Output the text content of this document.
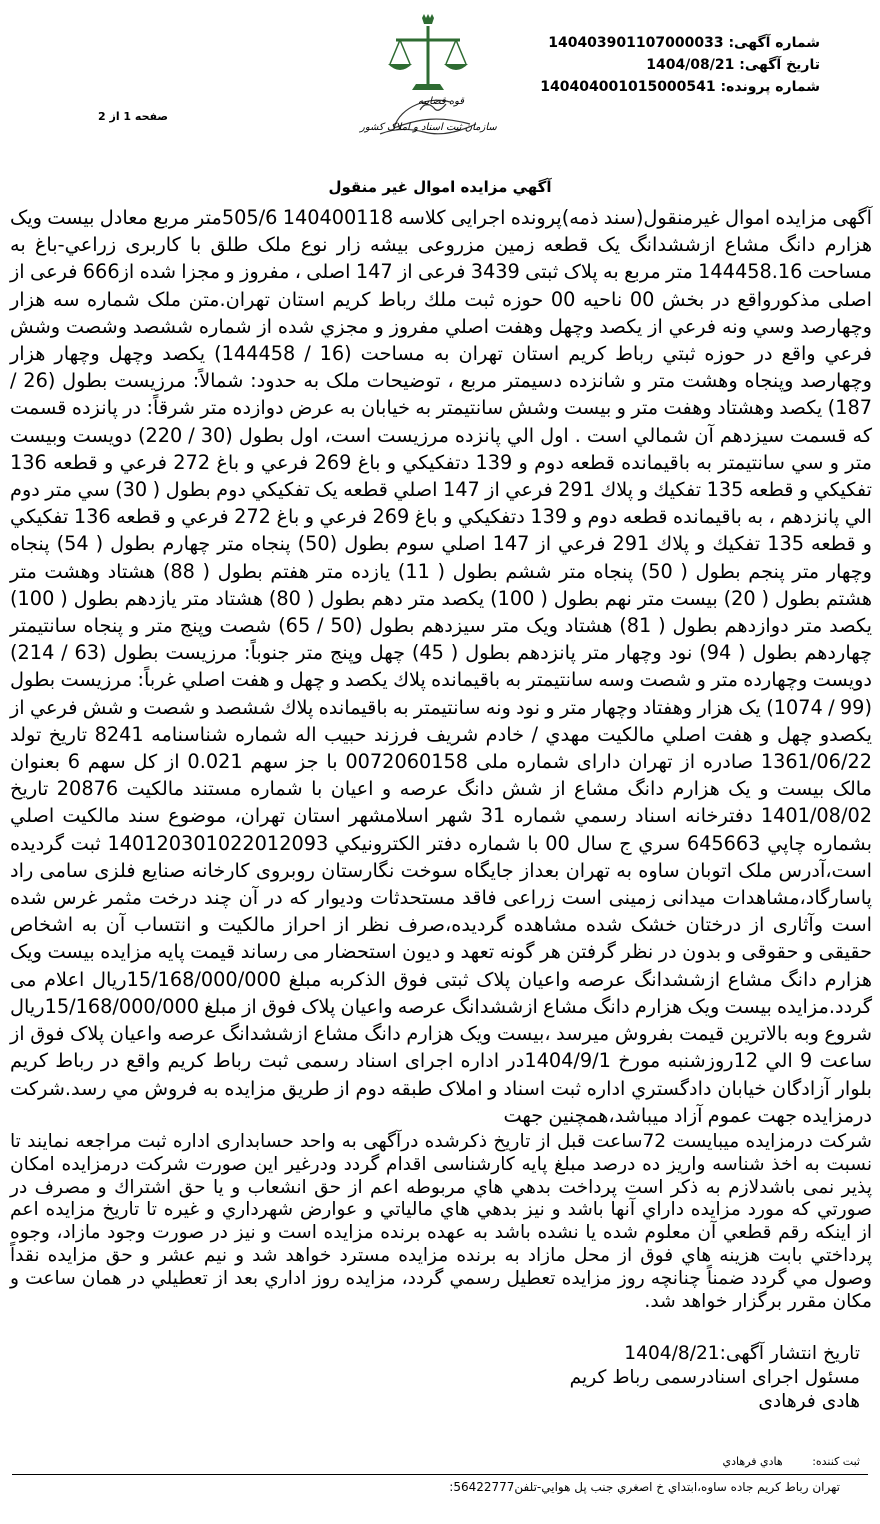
شماره آگهی: 140403901107000033
تاریخ آگهی: 1404/08/21
شماره پرونده: 140404001015000541
قوه قضاییه
سازمان ثبت اسناد و املاک کشور
صفحه 1 از 2
آگهي مزايده اموال غير منقول
آگهی مزایده اموال غیرمنقول(سند ذمه)پرونده اجرایی کلاسه 140400118 505/6متر مربع معادل بیست ویک هزارم دانگ مشاع ازششدانگ یک قطعه زمین مزروعی بیشه زار نوع ملک طلق با کاربری زراعي-باغ به مساحت 144458.16 متر مربع به پلاک ثبتی 3439 فرعی از 147 اصلی ، مفروز و مجزا شده از666 فرعی از اصلی مذکورواقع در بخش 00 ناحیه 00 حوزه ثبت ملك رباط كريم استان تهران.متن ملک شماره سه هزار وچهارصد وسي ونه فرعي از يكصد وچهل وهفت اصلي مفروز و مجزي شده از شماره ششصد وشصت وشش فرعي واقع در حوزه ثبتي رباط كريم استان تهران به مساحت (16 / 144458) يكصد وچهل وچهار هزار وچهارصد وپنجاه وهشت متر و شانزده دسيمتر مربع ، توضیحات ملک به حدود: شمالاً: مرزيست بطول (26 / 187) يكصد وهشتاد وهفت متر و بيست وشش سانتيمتر به خيابان به عرض دوازده متر شرقاً: در پانزده قسمت كه قسمت سيزدهم آن شمالي است . اول الي پانزده مرزيست است، اول بطول (30 / 220) دويست وبيست متر و سي سانتيمتر به باقيمانده قطعه دوم و 139 دتفكيكي و باغ 269 فرعي و باغ 272 فرعي و قطعه 136 تفكيكي و قطعه 135 تفكيك و پلاك 291 فرعي از 147 اصلي قطعه يک تفكيكي دوم بطول ( 30) سي متر دوم الي پانزدهم ، به باقيمانده قطعه دوم و 139 دتفكيكي و باغ 269 فرعي و باغ 272 فرعي و قطعه 136 تفكيكي و قطعه 135 تفكيك و پلاك 291 فرعي از 147 اصلي سوم بطول (50) پنجاه متر چهارم بطول ( 54) پنجاه وچهار متر پنجم بطول ( 50) پنجاه متر ششم بطول ( 11) يازده متر هفتم بطول ( 88) هشتاد وهشت متر هشتم بطول ( 20) بيست متر نهم بطول ( 100) يكصد متر دهم بطول ( 80) هشتاد متر يازدهم بطول ( 100) يكصد متر دوازدهم بطول ( 81) هشتاد ويک متر سيزدهم بطول (50 / 65) شصت وپنج متر و پنجاه سانتيمتر چهاردهم بطول ( 94) نود وچهار متر پانزدهم بطول ( 45) چهل وپنج متر جنوباً: مرزيست بطول (63 / 214) دويست وچهارده متر و شصت وسه سانتيمتر به باقيمانده پلاك يكصد و چهل و هفت اصلي غرباً: مرزيست بطول (99 / 1074) يک هزار وهفتاد وچهار متر و نود ونه سانتيمتر به باقيمانده پلاك ششصد و شصت و شش فرعي از يكصدو چهل و هفت اصلي مالكيت مهدي / خادم شريف فرزند حبيب اله شماره شناسنامه 8241 تاريخ تولد 1361/06/22 صادره از تهران دارای شماره ملی 0072060158 با جز سهم 0.021 از کل سهم 6 بعنوان مالک بیست و یک هزارم دانگ مشاع از شش دانگ عرصه و اعیان با شماره مستند مالکیت 20876 تاريخ 1401/08/02 دفترخانه اسناد رسمي شماره 31 شهر اسلامشهر استان تهران، موضوع سند مالكيت اصلي بشماره چاپي 645663 سري ج سال 00 با شماره دفتر الكترونيكي 140120301022012093 ثبت گرديده است،آدرس ملک اتوبان ساوه به تهران بعداز جايگاه سوخت نگارستان روبروی كارخانه صنايع فلزی سامی راد پاسارگاد،مشاهدات ميدانی زمينی است زراعی فاقد مستحدثات وديوار كه در آن چند درخت مثمر غرس شده است وآثاری از درختان خشک شده مشاهده گرديده،صرف نظر از احراز مالکيت و انتساب آن به اشخاص حقیقی و حقوقی و بدون در نظر گرفتن هر گونه تعهد و دیون استحضار می رساند قيمت پايه مزايده بیست ویک هزارم دانگ مشاع ازششدانگ عرصه واعيان پلاک ثبتی فوق الذکربه مبلغ 15/168/000/000ريال اعلام می گردد.مزایده بیست ویک هزارم دانگ مشاع ازششدانگ عرصه واعيان پلاک فوق از مبلغ 15/168/000/000ريال شروع وبه بالاترين قيمت بفروش ميرسد ،بیست ویک هزارم دانگ مشاع ازششدانگ عرصه واعيان پلاک فوق از ساعت 9 الي 12روزشنبه مورخ 1404/9/1در اداره اجرای اسناد رسمی ثبت رباط كريم واقع در رباط كريم بلوار آزادگان خيابان دادگستري اداره ثبت اسناد و املاک طبقه دوم از طريق مزايده به فروش مي رسد.شرکت درمزایده جهت عموم آزاد میباشد،همچنین جهت
شرکت درمزایده میبایست 72ساعت قبل از تاریخ ذکرشده درآگهی به واحد حسابداری اداره ثبت مراجعه نمایند تا نسبت به اخذ شناسه واریز ده درصد مبلغ پایه کارشناسی اقدام گردد ودرغیر این صورت شرکت درمزایده امکان پذیر نمی باشدلازم به ذکر است پرداخت بدهي هاي مربوطه اعم از حق انشعاب و يا حق اشتراك و مصرف در صورتي كه مورد مزايده داراي آنها باشد و نيز بدهي هاي مالياتي و عوارض شهرداري و غيره تا تاريخ مزايده اعم از اينكه رقم قطعي آن معلوم شده يا نشده باشد به عهده برنده مزايده است و نيز در صورت وجود مازاد، وجوه پرداختي بابت هزينه هاي فوق از محل مازاد به برنده مزايده مسترد خواهد شد و نيم عشر و حق مزايده نقداً وصول مي گردد ضمناً چنانچه روز مزايده تعطيل رسمي گردد، مزايده روز اداري بعد از تعطيلي در همان ساعت و مكان مقرر برگزار خواهد شد.
تاریخ انتشار آگهی:1404/8/21
مسئول اجرای اسنادرسمی رباط کریم
هادی فرهادی
ثبت كننده: هادي فرهادي
تهران رباط كريم جاده ساوه،ابتداي خ اصغري جنب پل هوايي-تلفن56422777:
